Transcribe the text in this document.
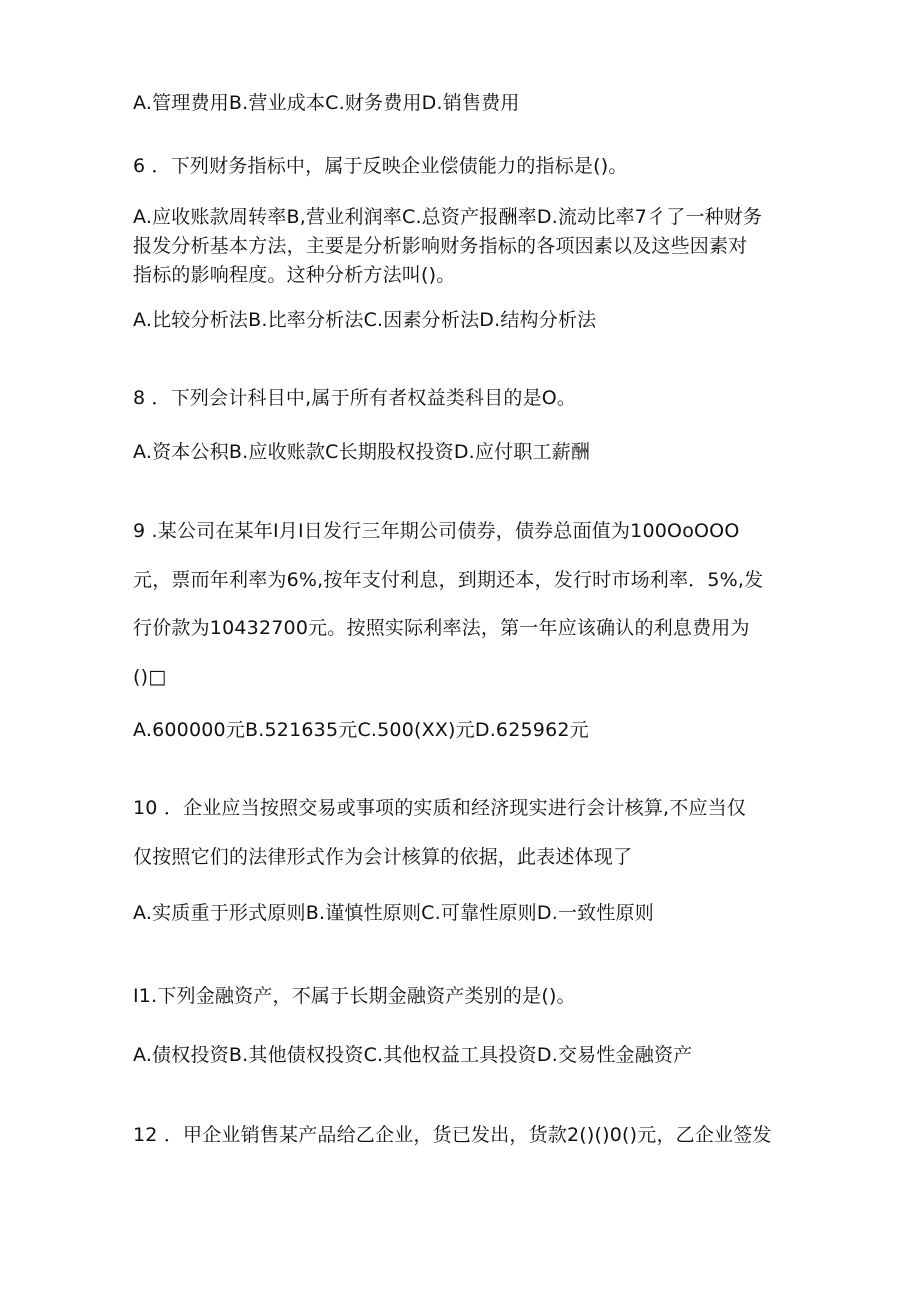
A.管理费用B.营业成本C.财务费用D.销售费用
6 ．下列财务指标中，属于反映企业偿债能力的指标是()。
A.应收账款周转率B,营业利润率C.总资产报酬率D.流动比率7彳了一种财务
报发分析基本方法，主要是分析影响财务指标的各项因素以及这些因素对
指标的影响程度。这种分析方法叫()。
A.比较分析法B.比率分析法C.因素分析法D.结构分析法
8 ．下列会计科目中,属于所有者权益类科目的是O。
A.资本公积B.应收账款C长期股权投资D.应付职工薪酬
9 .某公司在某年I月I日发行三年期公司债券，债券总面值为100OoOOO
元，票而年利率为6%,按年支付利息，到期还本，发行时市场利率．5%,发
行价款为10432700元。按照实际利率法，第一年应该确认的利息费用为
()□
A.600000元B.521635元C.500(XX)元D.625962元
10 ．企业应当按照交易或事项的实质和经济现实进行会计核算,不应当仅
仅按照它们的法律形式作为会计核算的依据，此表述体现了
A.实质重于形式原则B.谨慎性原则C.可靠性原则D.一致性原则
I1.下列金融资产，不属于长期金融资产类别的是()。
A.债权投资B.其他债权投资C.其他权益工具投资D.交易性金融资产
12 ．甲企业销售某产品给乙企业，货已发出，货款2()()0()元，乙企业签发
